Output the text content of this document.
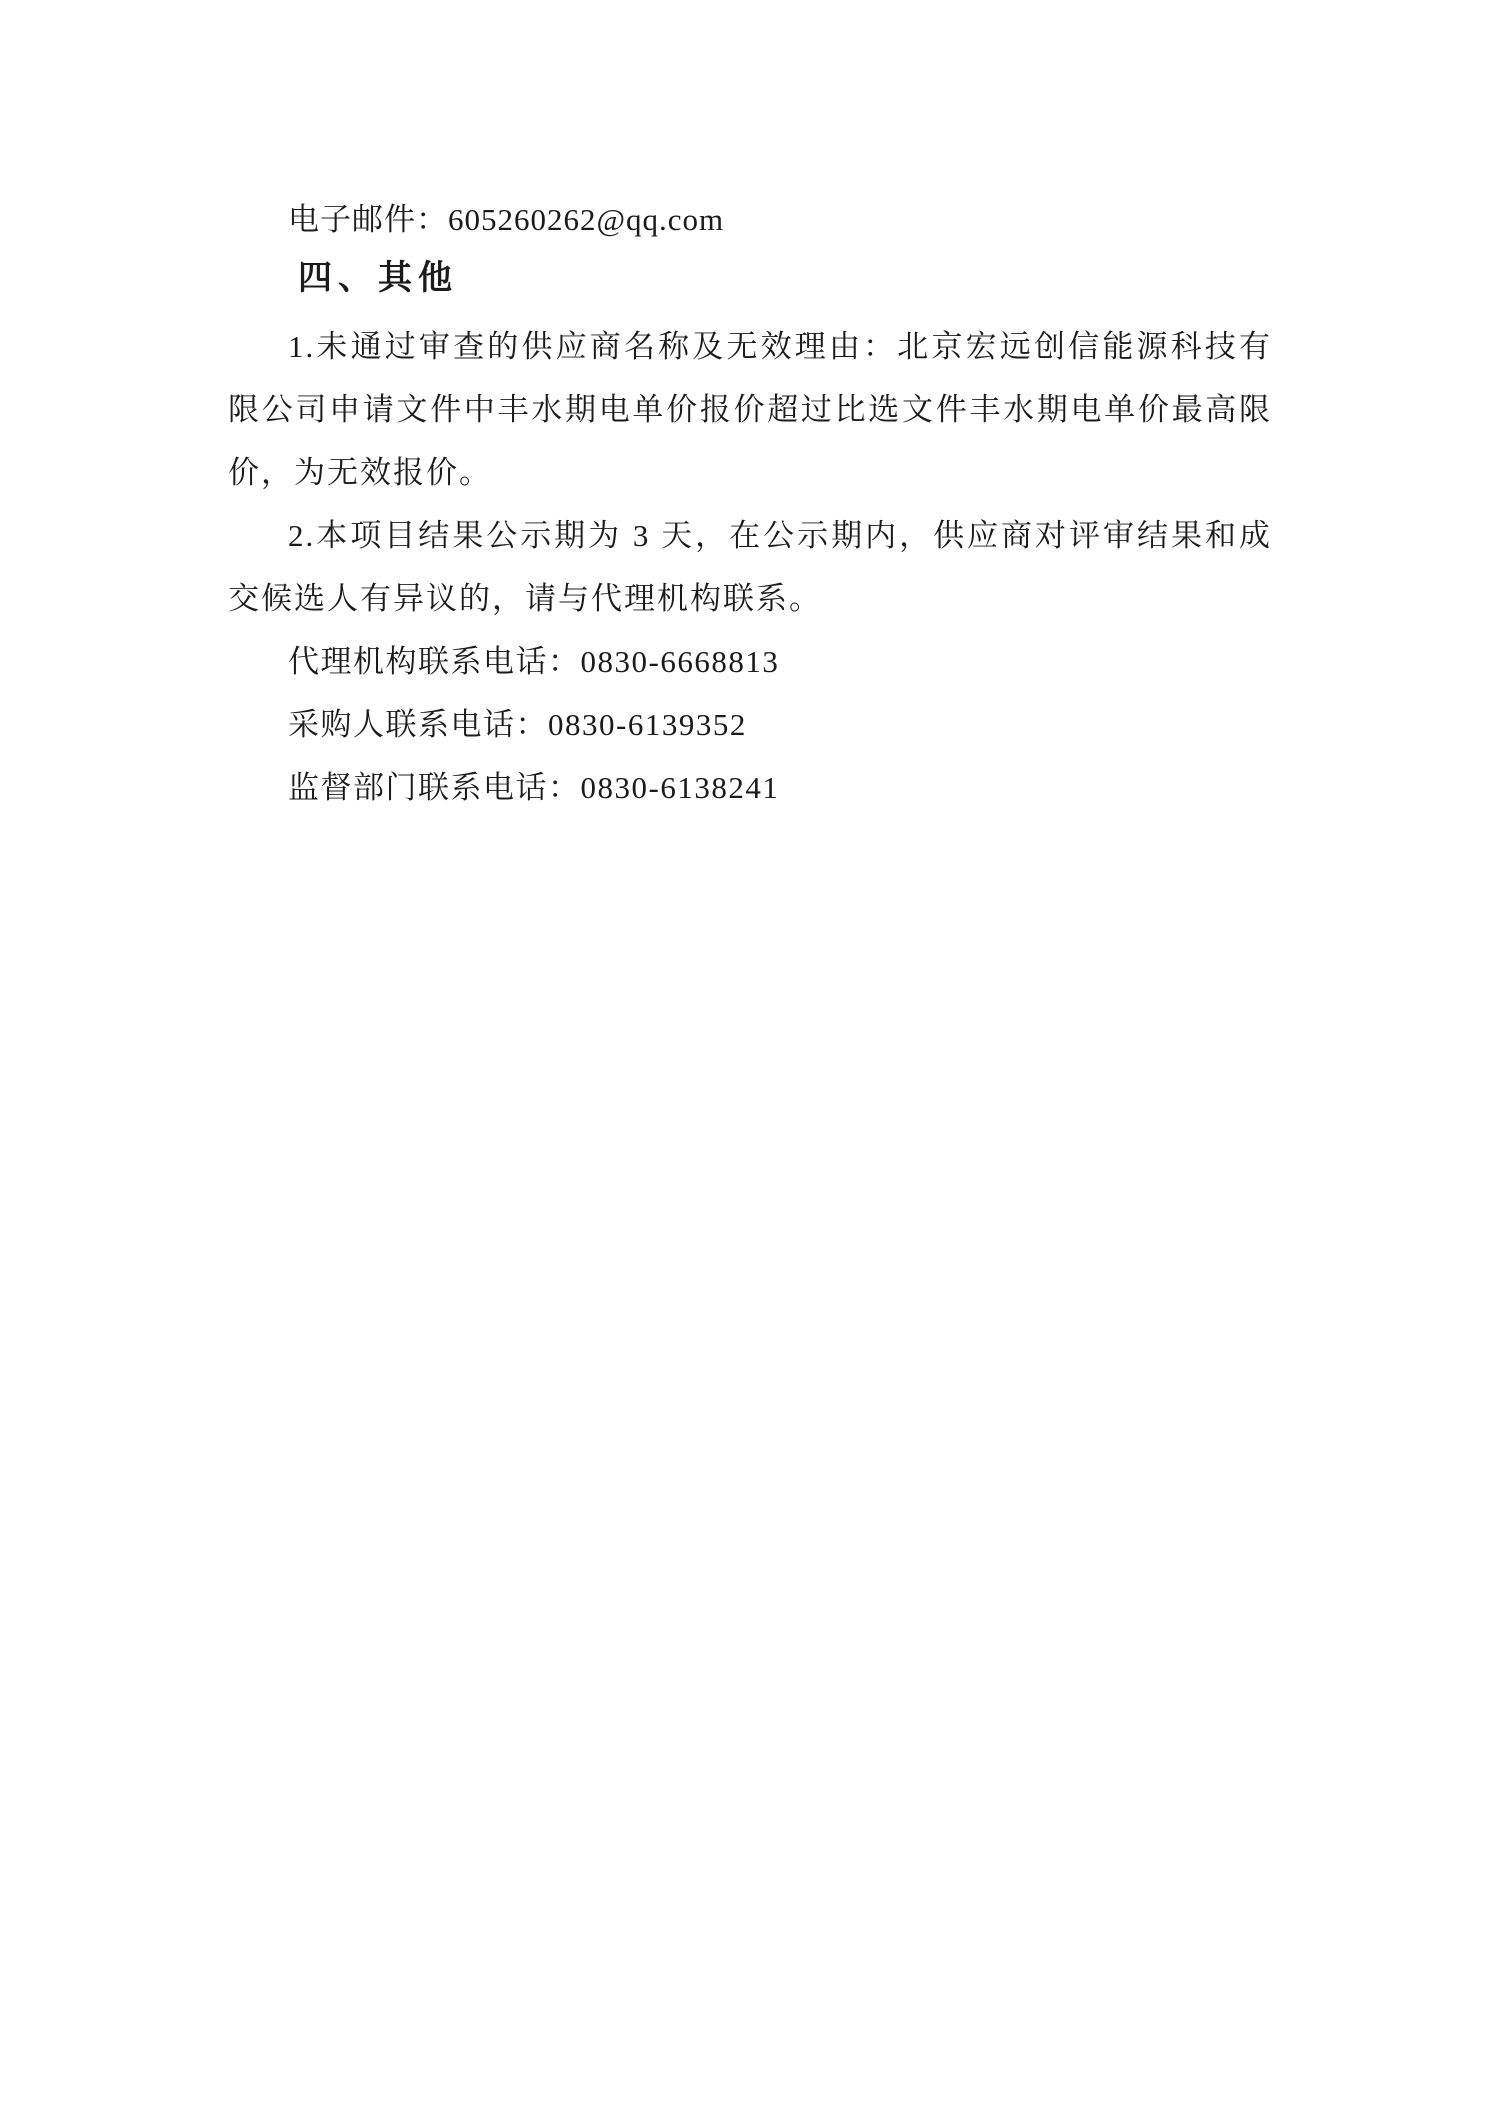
电子邮件：605260262@qq.com
四、其他

1.未通过审查的供应商名称及无效理由：北京宏远创信能源科技有限公司申请文件中丰水期电单价报价超过比选文件丰水期电单价最高限价，为无效报价。

2.本项目结果公示期为 3 天，在公示期内，供应商对评审结果和成交候选人有异议的，请与代理机构联系。

代理机构联系电话：0830-6668813
采购人联系电话：0830-6139352
监督部门联系电话：0830-6138241
